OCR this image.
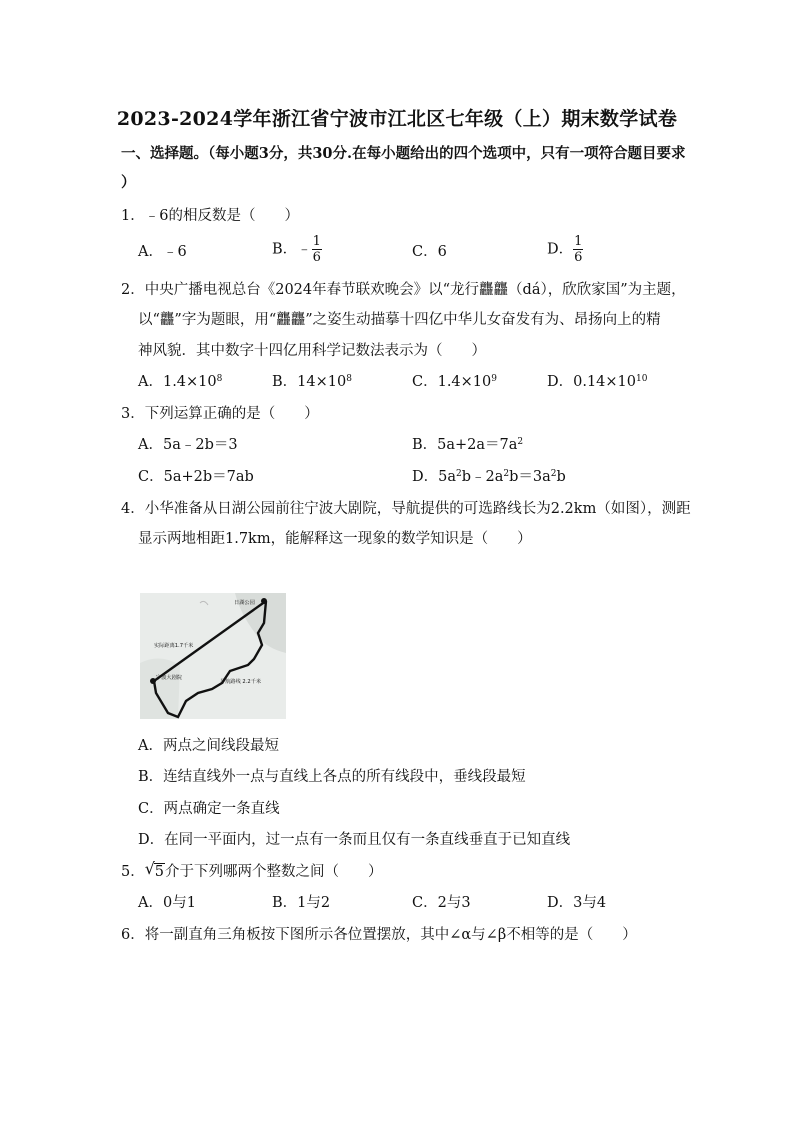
2023-2024学年浙江省宁波市江北区七年级（上）期末数学试卷
一、选择题。（每小题3分，共30分.在每小题给出的四个选项中，只有一项符合题目要求
）
1．﹣6的相反数是（　　）
A．﹣6	B．﹣ $\frac{1}{6}$	C．6	D． $\frac{1}{6}$
2．中央广播电视总台《2024年春节联欢晚会》以“龙行龘龘（dá），欣欣家国”为主题，
以“龘”字为题眼，用“龘龘”之姿生动描摹十四亿中华儿女奋发有为、昂扬向上的精
神风貌．其中数字十四亿用科学记数法表示为（　　）
A．$1.4\times 10^8$	B．$14\times 10^8$	C．$1.4\times 10^9$	D．$0.14\times 10^{10}$
3．下列运算正确的是（　　）
A．5a﹣2b＝3	B．$5a+2a=7a^2$
C．5a+2b＝7ab	D．$5a^2b﹣2a^2b=3a^2b$
4．小华准备从日湖公园前往宁波大剧院，导航提供的可选路线长为2.2km（如图），测距
显示两地相距1.7km，能解释这一现象的数学知识是（　　）
日湖公园
实际距离1.7千米
宁波大剧院
导航路线 2.2千米
A．两点之间线段最短
B．连结直线外一点与直线上各点的所有线段中，垂线段最短
C．两点确定一条直线
D．在同一平面内，过一点有一条而且仅有一条直线垂直于已知直线
5． √ 5介于下列哪两个整数之间（　　）
A．0与1	B．1与2	C．2与3	D．3与4
6．将一副直角三角板按下图所示各位置摆放，其中∠α与∠β不相等的是（　　）
